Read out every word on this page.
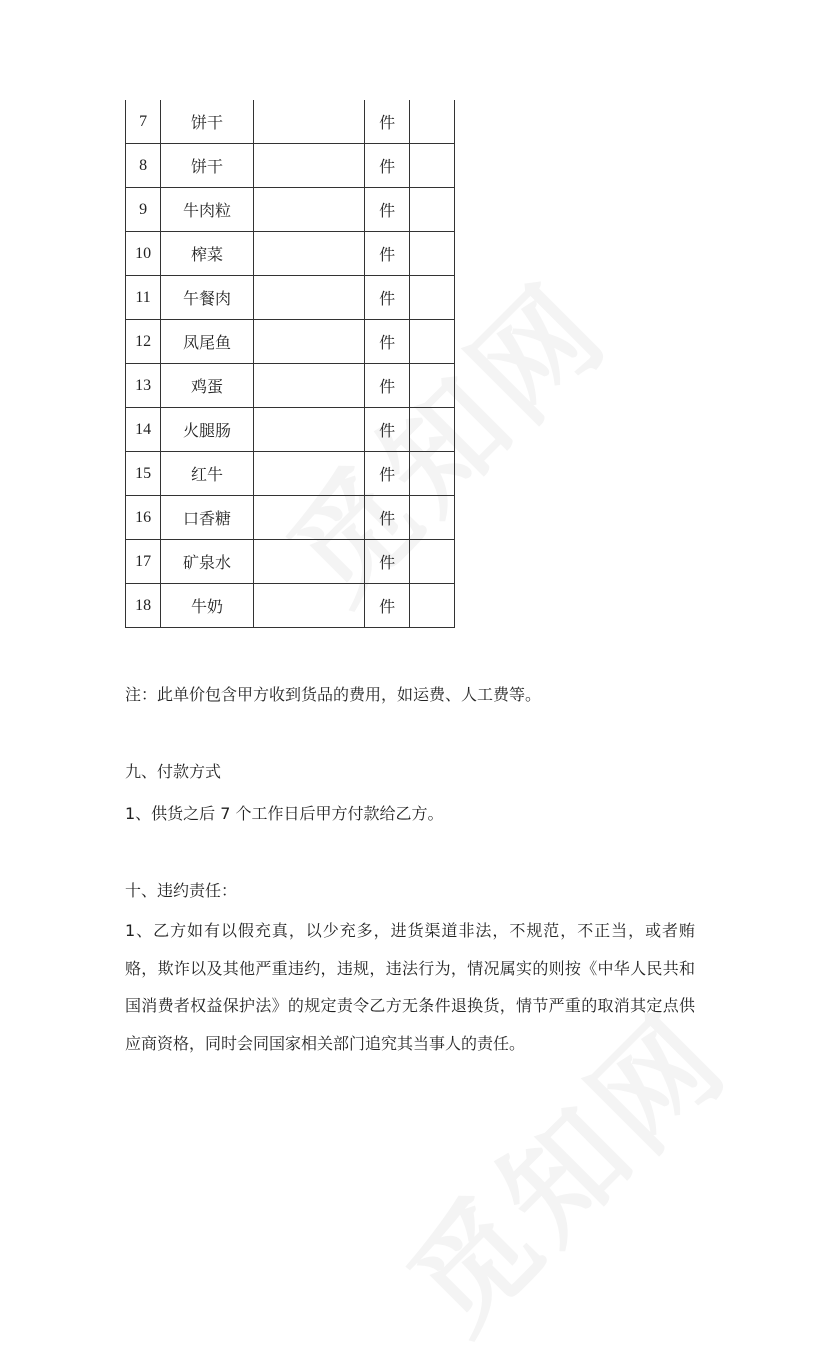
7	饼干		件	
8	饼干		件	
9	牛肉粒		件	
10	榨菜		件	
11	午餐肉		件	
12	凤尾鱼		件	
13	鸡蛋		件	
14	火腿肠		件	
15	红牛		件	
16	口香糖		件	
17	矿泉水		件	
18	牛奶		件	

注：此单价包含甲方收到货品的费用，如运费、人工费等。

九、付款方式

1、供货之后 7 个工作日后甲方付款给乙方。

十、违约责任：

1、乙方如有以假充真，以少充多，进货渠道非法，不规范，不正当，或者贿赂，欺诈以及其他严重违约，违规，违法行为，情况属实的则按《中华人民共和国消费者权益保护法》的规定责令乙方无条件退换货，情节严重的取消其定点供应商资格，同时会同国家相关部门追究其当事人的责任。
